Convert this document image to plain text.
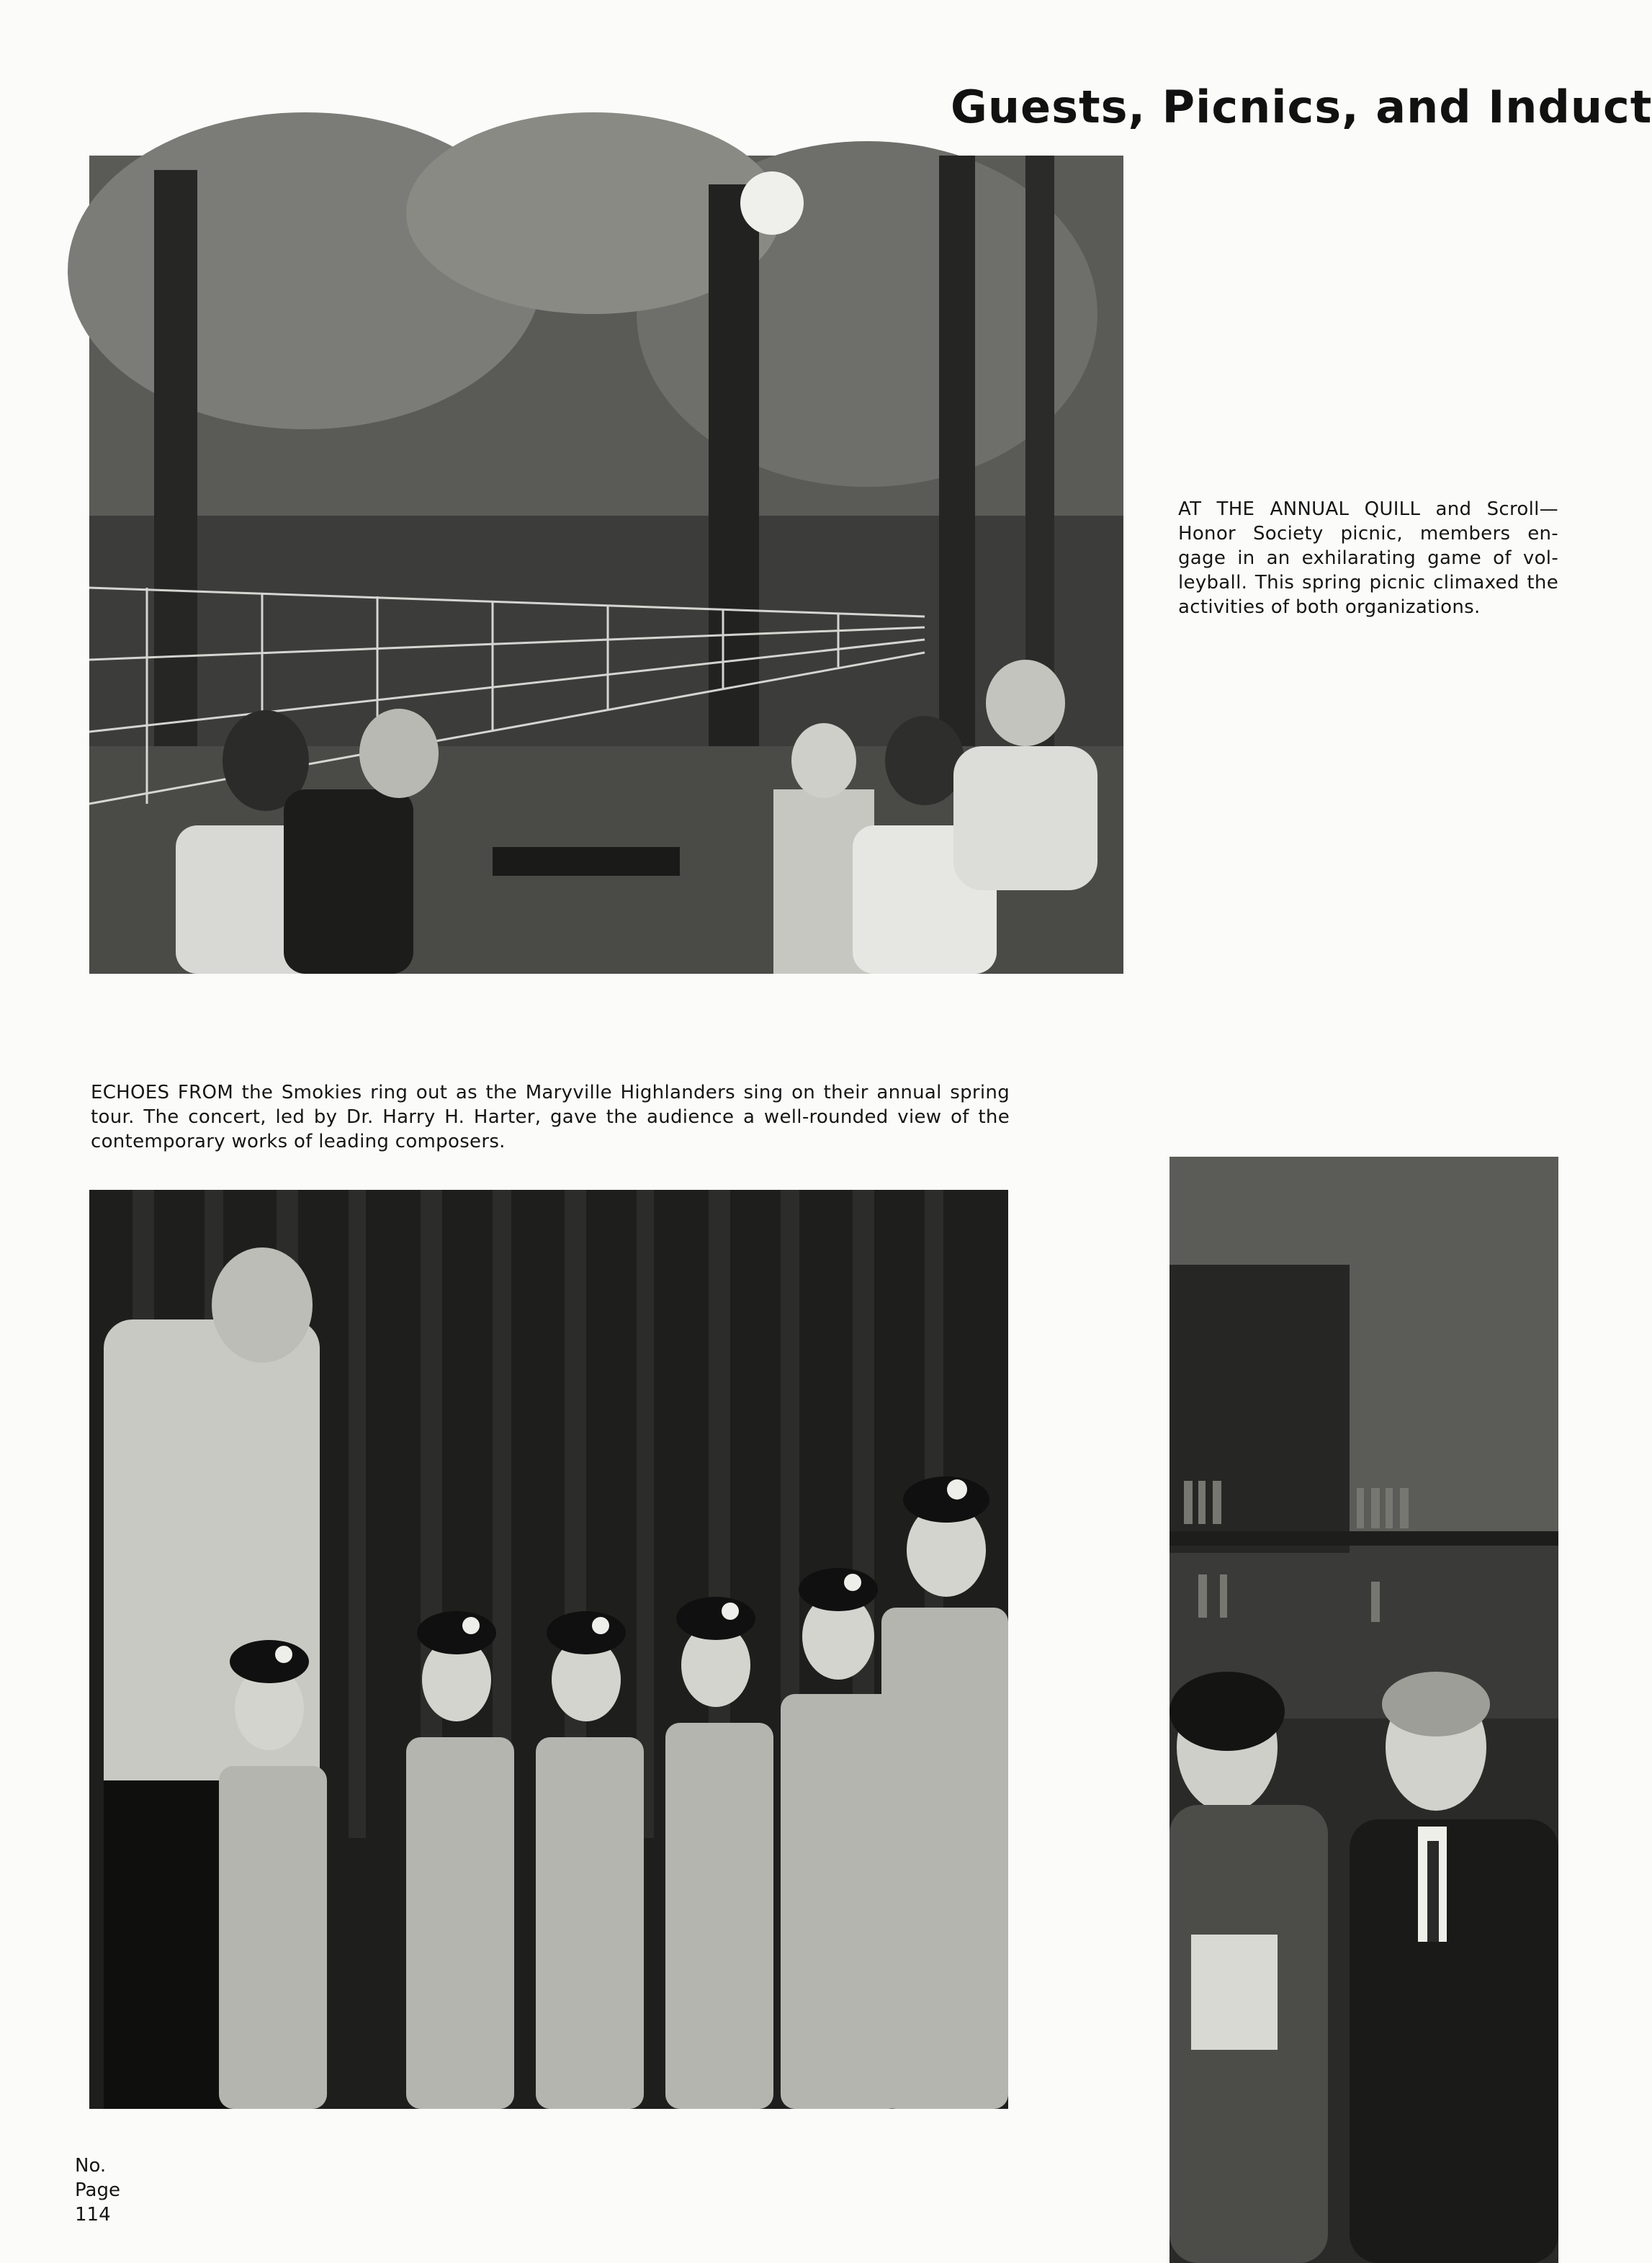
Guests, Picnics, and Induct
AT THE ANNUAL QUILL and Scroll—Honor Society picnic, members en-gage in an exhilarating game of vol-leyball. This spring picnic climaxed the activities of both organizations.
ECHOES FROM the Smokies ring out as the Maryville Highlanders sing on their annual spring tour. The concert, led by Dr. Harry H. Harter, gave the audience a well-rounded view of the contemporary works of leading composers.
No.
Page
114
